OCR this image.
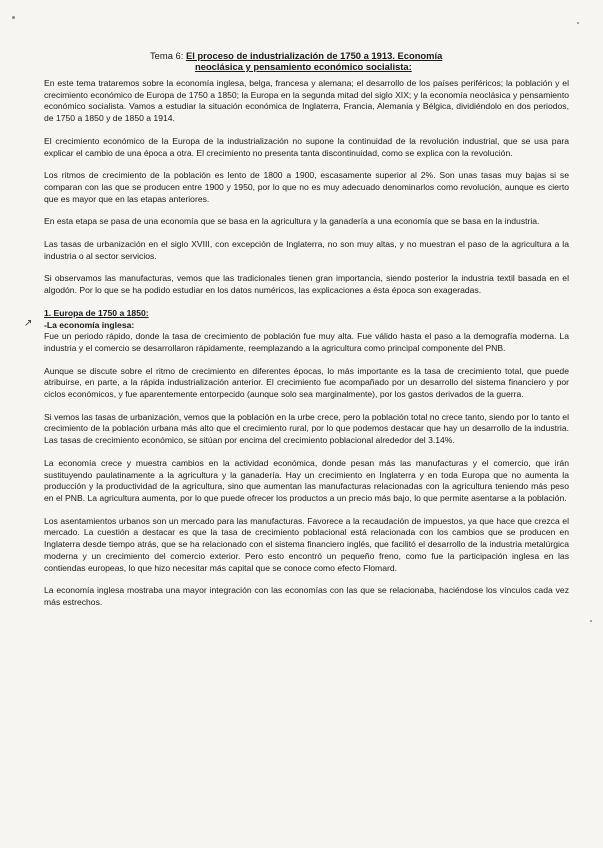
Tema 6: El proceso de industrialización de 1750 a 1913. Economía
neoclásica y pensamiento económico socialista:
↗

En este tema trataremos sobre la economía inglesa, belga, francesa y alemana; el desarrollo de los países periféricos; la población y el crecimiento económico de Europa de 1750 a 1850; la Europa en la segunda mitad del siglo XIX; y la economía neoclásica y pensamiento económico socialista. Vamos a estudiar la situación económica de Inglaterra, Francia, Alemania y Bélgica, dividiéndolo en dos periodos, de 1750 a 1850 y de 1850 a 1914.

El crecimiento económico de la Europa de la industrialización no supone la continuidad de la revolución industrial, que se usa para explicar el cambio de una época a otra. El crecimiento no presenta tanta discontinuidad, como se explica con la revolución.

Los ritmos de crecimiento de la población es lento de 1800 a 1900, escasamente superior al 2%. Son unas tasas muy bajas si se comparan con las que se producen entre 1900 y 1950, por lo que no es muy adecuado denominarlos como revolución, aunque es cierto que es mayor que en las etapas anteriores.

En esta etapa se pasa de una economía que se basa en la agricultura y la ganadería a una economía que se basa en la industria.

Las tasas de urbanización en el siglo XVIII, con excepción de Inglaterra, no son muy altas, y no muestran el paso de la agricultura a la industria o al sector servicios.

Si observamos las manufacturas, vemos que las tradicionales tienen gran importancia, siendo posterior la industria textil basada en el algodón. Por lo que se ha podido estudiar en los datos numéricos, las explicaciones a ésta época son exageradas.

1. Europa de 1750 a 1850:

-La economía inglesa:

Fue un periodo rápido, donde la tasa de crecimiento de población fue muy alta. Fue válido hasta el paso a la demografía moderna. La industria y el comercio se desarrollaron rápidamente, reemplazando a la agricultura como principal componente del PNB.

Aunque se discute sobre el ritmo de crecimiento en diferentes épocas, lo más importante es la tasa de crecimiento total, que puede atribuirse, en parte, a la rápida industrialización anterior. El crecimiento fue acompañado por un desarrollo del sistema financiero y por ciclos económicos, y fue aparentemente entorpecido (aunque solo sea marginalmente), por los gastos derivados de la guerra.

Si vemos las tasas de urbanización, vemos que la población en la urbe crece, pero la población total no crece tanto, siendo por lo tanto el crecimiento de la población urbana más alto que el crecimiento rural, por lo que podemos destacar que hay un desarrollo de la industria. Las tasas de crecimiento económico, se sitúan por encima del crecimiento poblacional alrededor del 3.14%.

La economía crece y muestra cambios en la actividad económica, donde pesan más las manufacturas y el comercio, que irán sustituyendo paulatinamente a la agricultura y la ganadería. Hay un crecimiento en Inglaterra y en toda Europa que no aumenta la producción y la productividad de la agricultura, sino que aumentan las manufacturas relacionadas con la agricultura teniendo más peso en el PNB. La agricultura aumenta, por lo que puede ofrecer los productos a un precio más bajo, lo que permite asentarse a la población.

Los asentamientos urbanos son un mercado para las manufacturas. Favorece a la recaudación de impuestos, ya que hace que crezca el mercado. La cuestión a destacar es que la tasa de crecimiento poblacional está relacionada con los cambios que se producen en Inglaterra desde tiempo atrás, que se ha relacionado con el sistema financiero inglés, que facilitó el desarrollo de la industria metalúrgica moderna y un crecimiento del comercio exterior. Pero esto encontró un pequeño freno, como fue la participación inglesa en las contiendas europeas, lo que hizo necesitar más capital que se conoce como efecto Flomard.

La economía inglesa mostraba una mayor integración con las economías con las que se relacionaba, haciéndose los vínculos cada vez más estrechos.
